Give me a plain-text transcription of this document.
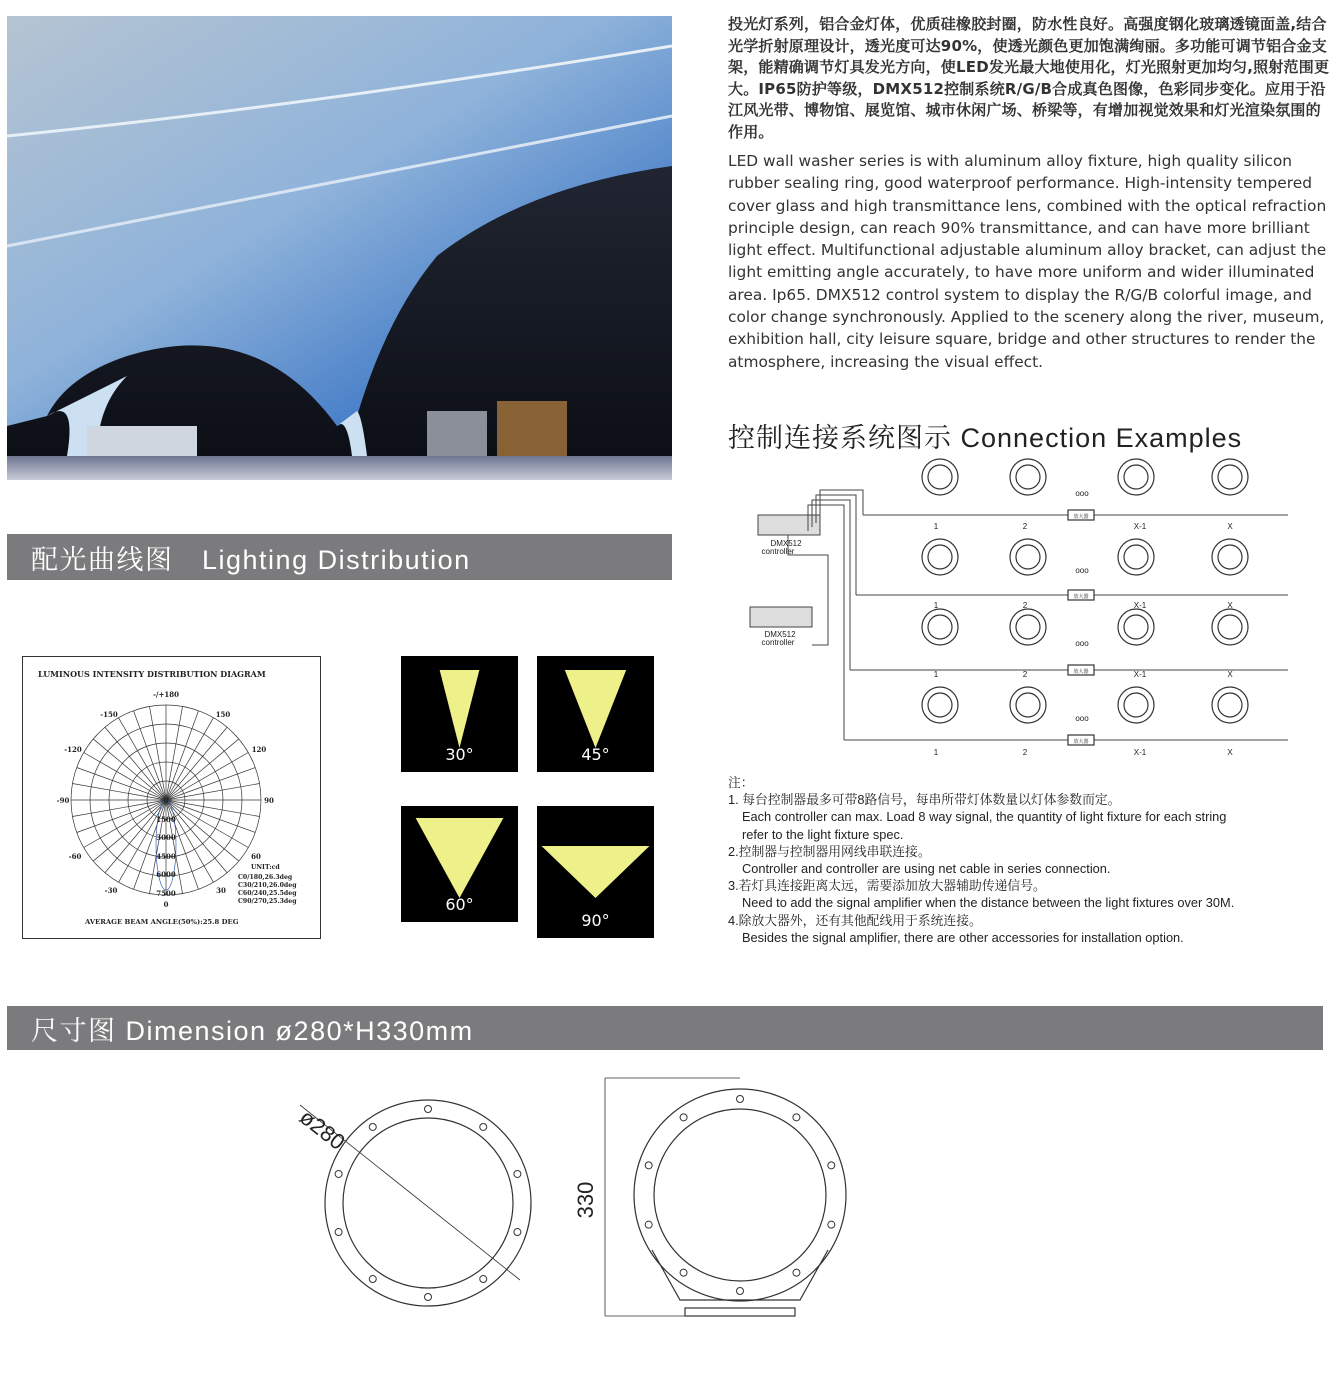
投光灯系列，铝合金灯体，优质硅橡胶封圈，防水性良好。高强度钢化玻璃透镜面盖,结合光学折射原理设计，透光度可达90%，使透光颜色更加饱满绚丽。多功能可调节铝合金支架，能精确调节灯具发光方向，使LED发光最大地使用化，灯光照射更加均匀,照射范围更大。IP65防护等级，DMX512控制系统R/G/B合成真色图像，色彩同步变化。应用于沿江风光带、博物馆、展览馆、城市休闲广场、桥梁等，有增加视觉效果和灯光渲染氛围的作用。
LED wall washer series is with aluminum alloy fixture, high quality silicon rubber sealing ring, good waterproof performance. High-intensity tempered cover glass and high transmittance lens, combined with the optical refraction principle design, can reach 90% transmittance, and can have more brilliant light effect. Multifunctional adjustable aluminum alloy bracket, can adjust the light emitting angle accurately, to have more uniform and wider illuminated area. Ip65. DMX512 control system to display the R/G/B colorful image, and color change synchronously. Applied to the scenery along the river, museum, exhibition hall, city leisure square, bridge and other structures to render the atmosphere, increasing the visual effect.
控制连接系统图示 Connection Examples
DMX512
controller
DMX512
controller
ooo
ooo
ooo
ooo
放大器
放大器
放大器
放大器
1	2	X-1	X
1	2	X-1	X
1	2	X-1	X
1	2	X-1	X
注：
1. 每台控制器最多可带8路信号，每串所带灯体数量以灯体参数而定。
Each controller can max. Load 8 way signal, the quantity of light fixture for each string
refer to the light fixture spec.
2.控制器与控制器用网线串联连接。
Controller and controller are using net cable in series connection.
3.若灯具连接距离太远，需要添加放大器辅助传递信号。
Need to add the signal amplifier when the distance between the light fixtures over 30M.
4.除放大器外，还有其他配线用于系统连接。
Besides the signal amplifier, there are other accessories for installation option.
配光曲线图　Lighting Distribution
LUMINOUS INTENSITY DISTRIBUTION DIAGRAM
-/+180
-150	150
-120	120
-90	90
-60	60
-30	30
0
0
1500
3000
4500
6000
7500
UNIT:cd
C0/180,26.3deg
C30/210,26.0deg
C60/240,25.5deg
C90/270,25.3deg
AVERAGE BEAM ANGLE(50%):25.8 DEG
30°	45°
60°
90°
尺寸图 Dimension ø280*H330mm
ø280
330
